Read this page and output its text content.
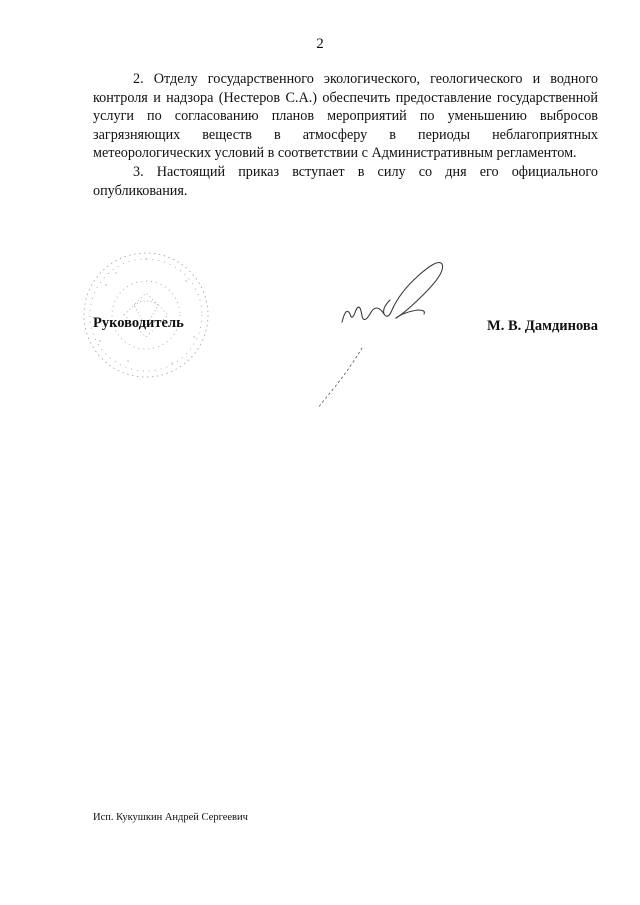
2

2. Отделу государственного экологического, геологического и водного контроля и надзора (Нестеров С.А.) обеспечить предоставление государственной услуги по согласованию планов мероприятий по уменьшению выбросов загрязняющих веществ в атмосферу в периоды неблагоприятных метеорологических условий в соответствии с Административным регламентом.

3. Настоящий приказ вступает в силу со дня его официального опубликования.

Руководитель	М. В. Дамдинова
Исп. Кукушкин Андрей Сергеевич
